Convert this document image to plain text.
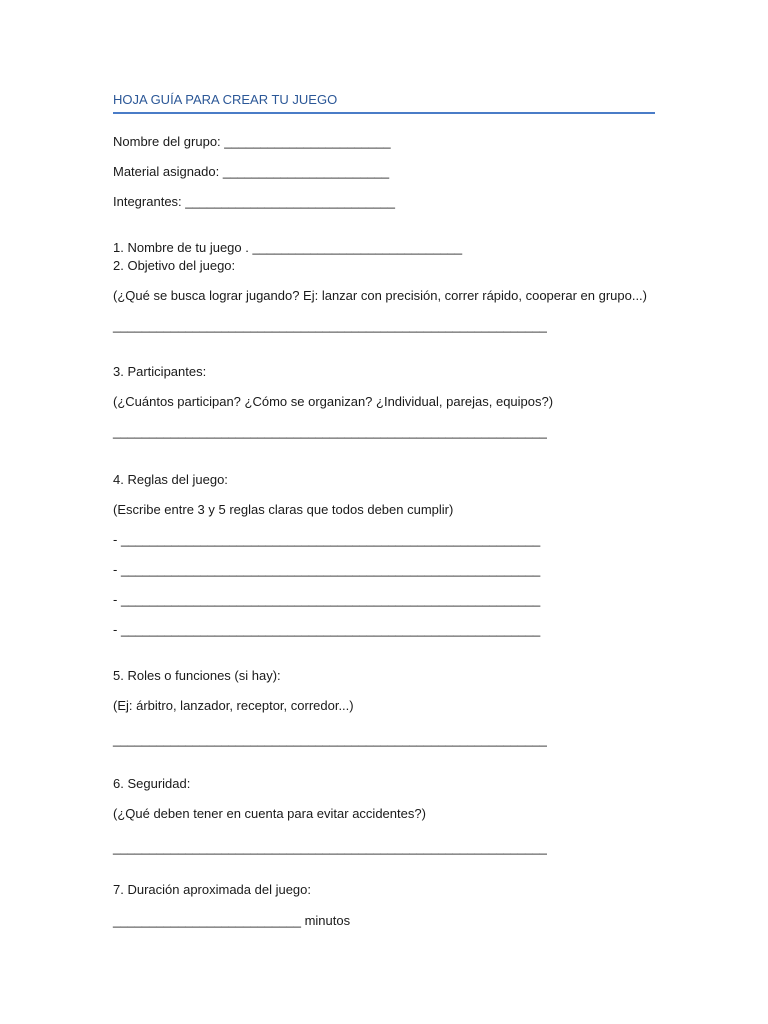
HOJA GUÍA PARA CREAR TU JUEGO
Nombre del grupo: _______________________
Material asignado: _______________________
Integrantes: _____________________________
1. Nombre de tu juego . _____________________________
2. Objetivo del juego:
(¿Qué se busca lograr jugando? Ej: lanzar con precisión, correr rápido, cooperar en grupo...)
____________________________________________________________
3. Participantes:
(¿Cuántos participan? ¿Cómo se organizan? ¿Individual, parejas, equipos?)
____________________________________________________________
4. Reglas del juego:
(Escribe entre 3 y 5 reglas claras que todos deben cumplir)
- __________________________________________________________
- __________________________________________________________
- __________________________________________________________
- __________________________________________________________
5. Roles o funciones (si hay):
(Ej: árbitro, lanzador, receptor, corredor...)
____________________________________________________________
6. Seguridad:
(¿Qué deben tener en cuenta para evitar accidentes?)
____________________________________________________________
7. Duración aproximada del juego:
__________________________ minutos
